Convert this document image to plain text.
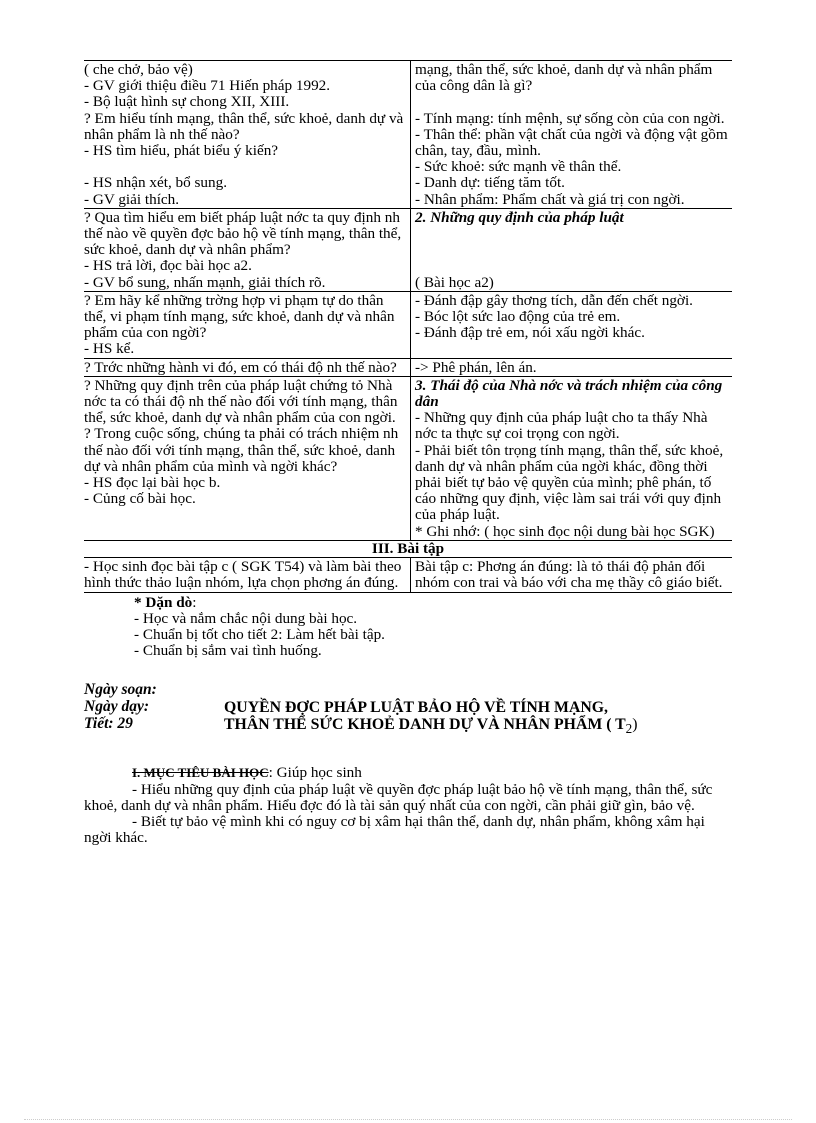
( che chở, bảo vệ)
- GV giới thiệu điều 71 Hiến pháp 1992.
- Bộ luật hình sự chong XII, XIII.
? Em hiểu tính mạng, thân thể, sức khoẻ, danh dự và nhân phẩm là nh thế nào?
- HS tìm hiểu, phát biểu ý kiến?

- HS nhận xét, bổ sung.
- GV giải thích.
mạng, thân thể, sức khoẻ, danh dự và nhân phẩm của công dân là gì?

- Tính mạng: tính mệnh, sự sống còn của con ngời.
- Thân thể: phần vật chất của ngời và động vật gồm chân, tay, đầu, mình.
- Sức khoẻ: sức mạnh về thân thể.
- Danh dự: tiếng tăm tốt.
- Nhân phẩm: Phẩm chất và giá trị con ngời.
? Qua tìm hiểu em biết pháp luật nớc ta quy định nh thế nào về quyền đợc bảo hộ về tính mạng, thân thể, sức khoẻ, danh dự và nhân phẩm?
- HS trả lời, đọc bài học a2.
- GV bổ sung, nhấn mạnh, giải thích rõ.
2. Những quy định của pháp luật

( Bài học a2)
? Em hãy kể những trờng hợp vi phạm tự do thân thể, vi phạm tính mạng, sức khoẻ, danh dự và nhân phẩm của con ngời?
- HS kể.
- Đánh đập gây thơng tích, dẫn đến chết ngời.
- Bóc lột sức lao động của trẻ em.
- Đánh đập trẻ em, nói xấu ngời khác.
? Trớc những hành vi đó, em có thái độ nh thế nào?	-> Phê phán, lên án.
? Những quy định trên của pháp luật chứng tỏ Nhà nớc ta có thái độ nh thế nào đối với tính mạng, thân thể, sức khoẻ, danh dự và nhân phẩm của con ngời.
? Trong cuộc sống, chúng ta phải có trách nhiệm nh thế nào đối với tính mạng, thân thể, sức khoẻ, danh dự và nhân phẩm của mình và ngời khác?
- HS đọc lại bài học b.
- Củng cố bài học.
3. Thái độ của Nhà nớc và trách nhiệm của công dân
- Những quy định của pháp luật cho ta thấy Nhà nớc ta thực sự coi trọng con ngời.
- Phải biết tôn trọng tính mạng, thân thể, sức khoẻ, danh dự và nhân phẩm của ngời khác, đồng thời phải biết tự bảo vệ quyền của mình; phê phán, tố cáo những quy định, việc làm sai trái với quy định của pháp luật.
* Ghi nhớ: ( học sinh đọc nội dung bài học SGK)
III. Bài tập
- Học sinh đọc bài tập c ( SGK T54) và làm bài theo hình thức thảo luận nhóm, lựa chọn phơng án đúng.
Bài tập c: Phơng án đúng: là tỏ thái độ phản đối nhóm con trai và báo với cha mẹ thầy cô giáo biết.
* Dặn dò:
- Học và nắm chắc nội dung bài học.
- Chuẩn bị tốt cho tiết 2: Làm hết bài tập.
- Chuẩn bị sắm vai tình huống.
Ngày soạn:
Ngày dạy:
Tiết: 29
QUYỀN ĐỢC PHÁP LUẬT BẢO HỘ VỀ TÍNH MẠNG,
THÂN THỂ SỨC KHOẺ DANH DỰ VÀ NHÂN PHẨM ( $T_2$)
I. MỤC TIÊU BÀI HỌC: Giúp học sinh
- Hiểu những quy định của pháp luật về quyền đợc pháp luật bảo hộ về tính mạng, thân thể, sức khoẻ, danh dự và nhân phẩm. Hiểu đợc đó là tài sản quý nhất của con ngời, cần phải giữ gìn, bảo vệ.
- Biết tự bảo vệ mình khi có nguy cơ bị xâm hại thân thể, danh dự, nhân phẩm, không xâm hại ngời khác.
